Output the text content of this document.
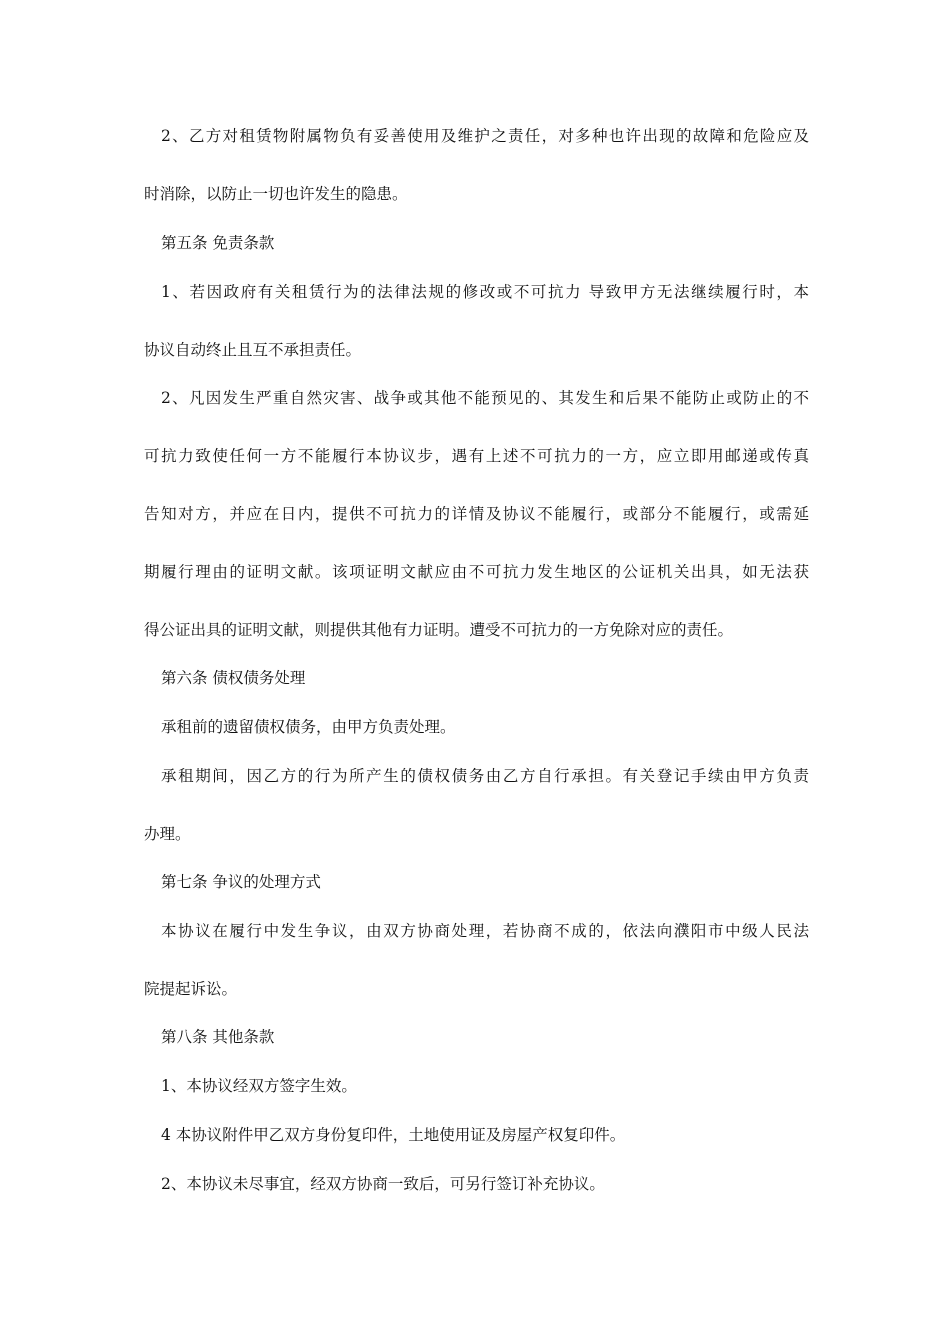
2、乙方对租赁物附属物负有妥善使用及维护之责任，对多种也许出现的故障和危险应及
时消除，以防止一切也许发生的隐患。
第五条 免责条款
1、若因政府有关租赁行为的法律法规的修改或不可抗力 导致甲方无法继续履行时，本
协议自动终止且互不承担责任。
2、凡因发生严重自然灾害、战争或其他不能预见的、其发生和后果不能防止或防止的不
可抗力致使任何一方不能履行本协议步，遇有上述不可抗力的一方，应立即用邮递或传真
告知对方，并应在日内，提供不可抗力的详情及协议不能履行，或部分不能履行，或需延
期履行理由的证明文献。该项证明文献应由不可抗力发生地区的公证机关出具，如无法获
得公证出具的证明文献，则提供其他有力证明。遭受不可抗力的一方免除对应的责任。
第六条 债权债务处理
承租前的遗留债权债务，由甲方负责处理。
承租期间，因乙方的行为所产生的债权债务由乙方自行承担。有关登记手续由甲方负责
办理。
第七条 争议的处理方式
本协议在履行中发生争议，由双方协商处理，若协商不成的，依法向濮阳市中级人民法
院提起诉讼。
第八条 其他条款
1、本协议经双方签字生效。
4 本协议附件甲乙双方身份复印件，土地使用证及房屋产权复印件。
2、本协议未尽事宜，经双方协商一致后，可另行签订补充协议。
